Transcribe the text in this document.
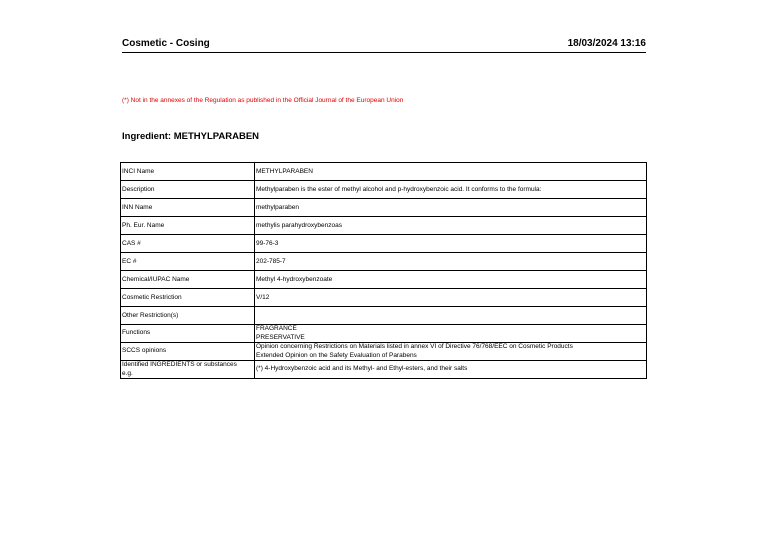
Cosmetic - Cosing	18/03/2024 13:16
(*) Not in the annexes of the Regulation as published in the Official Journal of the European Union
Ingredient: METHYLPARABEN
INCI Name	METHYLPARABEN
Description	Methylparaben is the ester of methyl alcohol and p-hydroxybenzoic acid. It conforms to the formula:
INN Name	methylparaben
Ph. Eur. Name	methylis parahydroxybenzoas
CAS #	99-76-3
EC #	202-785-7
Chemical/IUPAC Name	Methyl 4-hydroxybenzoate
Cosmetic Restriction	V/12
Other Restriction(s)	
Functions	FRAGRANCE
PRESERVATIVE

SCCS opinions	Opinion concerning Restrictions on Materials listed in annex VI of Directive 76/768/EEC on Cosmetic Products
Extended Opinion on the Safety Evaluation of Parabens

Identified INGREDIENTS or substances
e.g.	(*) 4-Hydroxybenzoic acid and its Methyl- and Ethyl-esters, and their salts
